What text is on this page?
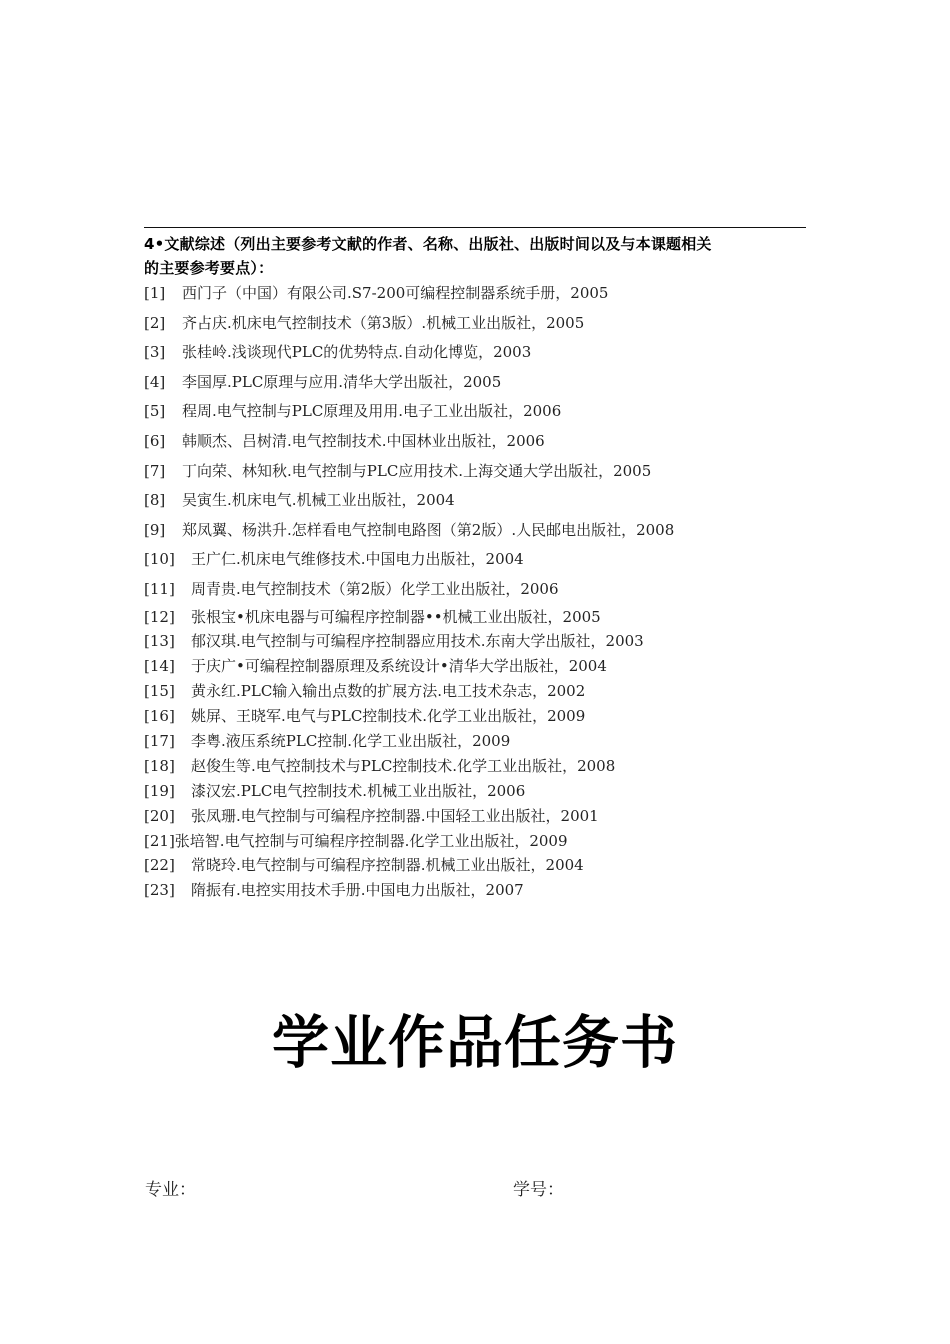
4•文献综述（列出主要参考文献的作者、名称、出版社、出版时间以及与本课题相关
的主要参考要点）：
[1] 西门子（中国）有限公司.S7-200可编程控制器系统手册，2005
[2] 齐占庆.机床电气控制技术（第3版）.机械工业出版社，2005
[3] 张桂岭.浅谈现代PLC的优势特点.自动化博览，2003
[4] 李国厚.PLC原理与应用.清华大学出版社，2005
[5] 程周.电气控制与PLC原理及用用.电子工业出版社，2006
[6] 韩顺杰、吕树清.电气控制技术.中国林业出版社，2006
[7] 丁向荣、林知秋.电气控制与PLC应用技术.上海交通大学出版社，2005
[8] 吴寅生.机床电气.机械工业出版社，2004
[9] 郑凤翼、杨洪升.怎样看电气控制电路图（第2版）.人民邮电出版社，2008
[10] 王广仁.机床电气维修技术.中国电力出版社，2004
[11] 周青贵.电气控制技术（第2版）化学工业出版社，2006
[12] 张根宝•机床电器与可编程序控制器••机械工业出版社，2005
[13] 郁汉琪.电气控制与可编程序控制器应用技术.东南大学出版社，2003
[14] 于庆广•可编程控制器原理及系统设计•清华大学出版社，2004
[15] 黄永红.PLC输入输出点数的扩展方法.电工技术杂志，2002
[16] 姚屏、王晓军.电气与PLC控制技术.化学工业出版社，2009
[17] 李粤.液压系统PLC控制.化学工业出版社，2009
[18] 赵俊生等.电气控制技术与PLC控制技术.化学工业出版社，2008
[19] 漆汉宏.PLC电气控制技术.机械工业出版社，2006
[20] 张凤珊.电气控制与可编程序控制器.中国轻工业出版社，2001
[21]张培智.电气控制与可编程序控制器.化学工业出版社，2009
[22] 常晓玲.电气控制与可编程序控制器.机械工业出版社，2004
[23] 隋振有.电控实用技术手册.中国电力出版社，2007
学业作品任务书
专业：	学号：
